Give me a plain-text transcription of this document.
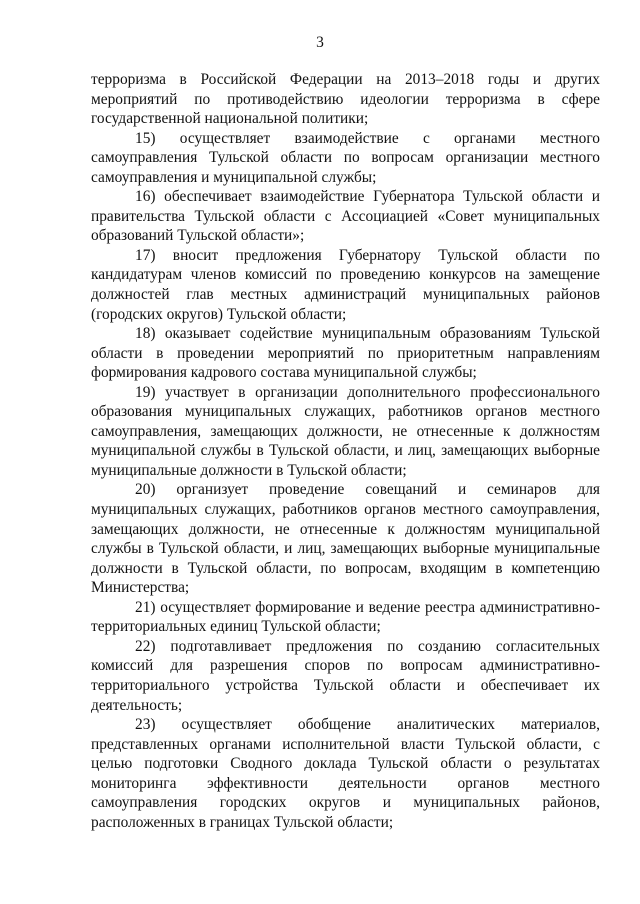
3

терроризма в Российской Федерации на 2013–2018 годы и других мероприятий по противодействию идеологии терроризма в сфере государственной национальной политики;

15) осуществляет взаимодействие с органами местного самоуправления Тульской области по вопросам организации местного самоуправления и муниципальной службы;

16) обеспечивает взаимодействие Губернатора Тульской области и правительства Тульской области с Ассоциацией «Совет муниципальных образований Тульской области»;

17) вносит предложения Губернатору Тульской области по кандидатурам членов комиссий по проведению конкурсов на замещение должностей глав местных администраций муниципальных районов (городских округов) Тульской области;

18) оказывает содействие муниципальным образованиям Тульской области в проведении мероприятий по приоритетным направлениям формирования кадрового состава муниципальной службы;

19) участвует в организации дополнительного профессионального образования муниципальных служащих, работников органов местного самоуправления, замещающих должности, не отнесенные к должностям муниципальной службы в Тульской области, и лиц, замещающих выборные муниципальные должности в Тульской области;

20) организует проведение совещаний и семинаров для муниципальных служащих, работников органов местного самоуправления, замещающих должности, не отнесенные к должностям муниципальной службы в Тульской области, и лиц, замещающих выборные муниципальные должности в Тульской области, по вопросам, входящим в компетенцию Министерства;

21) осуществляет формирование и ведение реестра административно-территориальных единиц Тульской области;

22) подготавливает предложения по созданию согласительных комиссий для разрешения споров по вопросам административно-территориального устройства Тульской области и обеспечивает их деятельность;

23) осуществляет обобщение аналитических материалов, представленных органами исполнительной власти Тульской области, с целью подготовки Сводного доклада Тульской области о результатах мониторинга эффективности деятельности органов местного самоуправления городских округов и муниципальных районов, расположенных в границах Тульской области;
